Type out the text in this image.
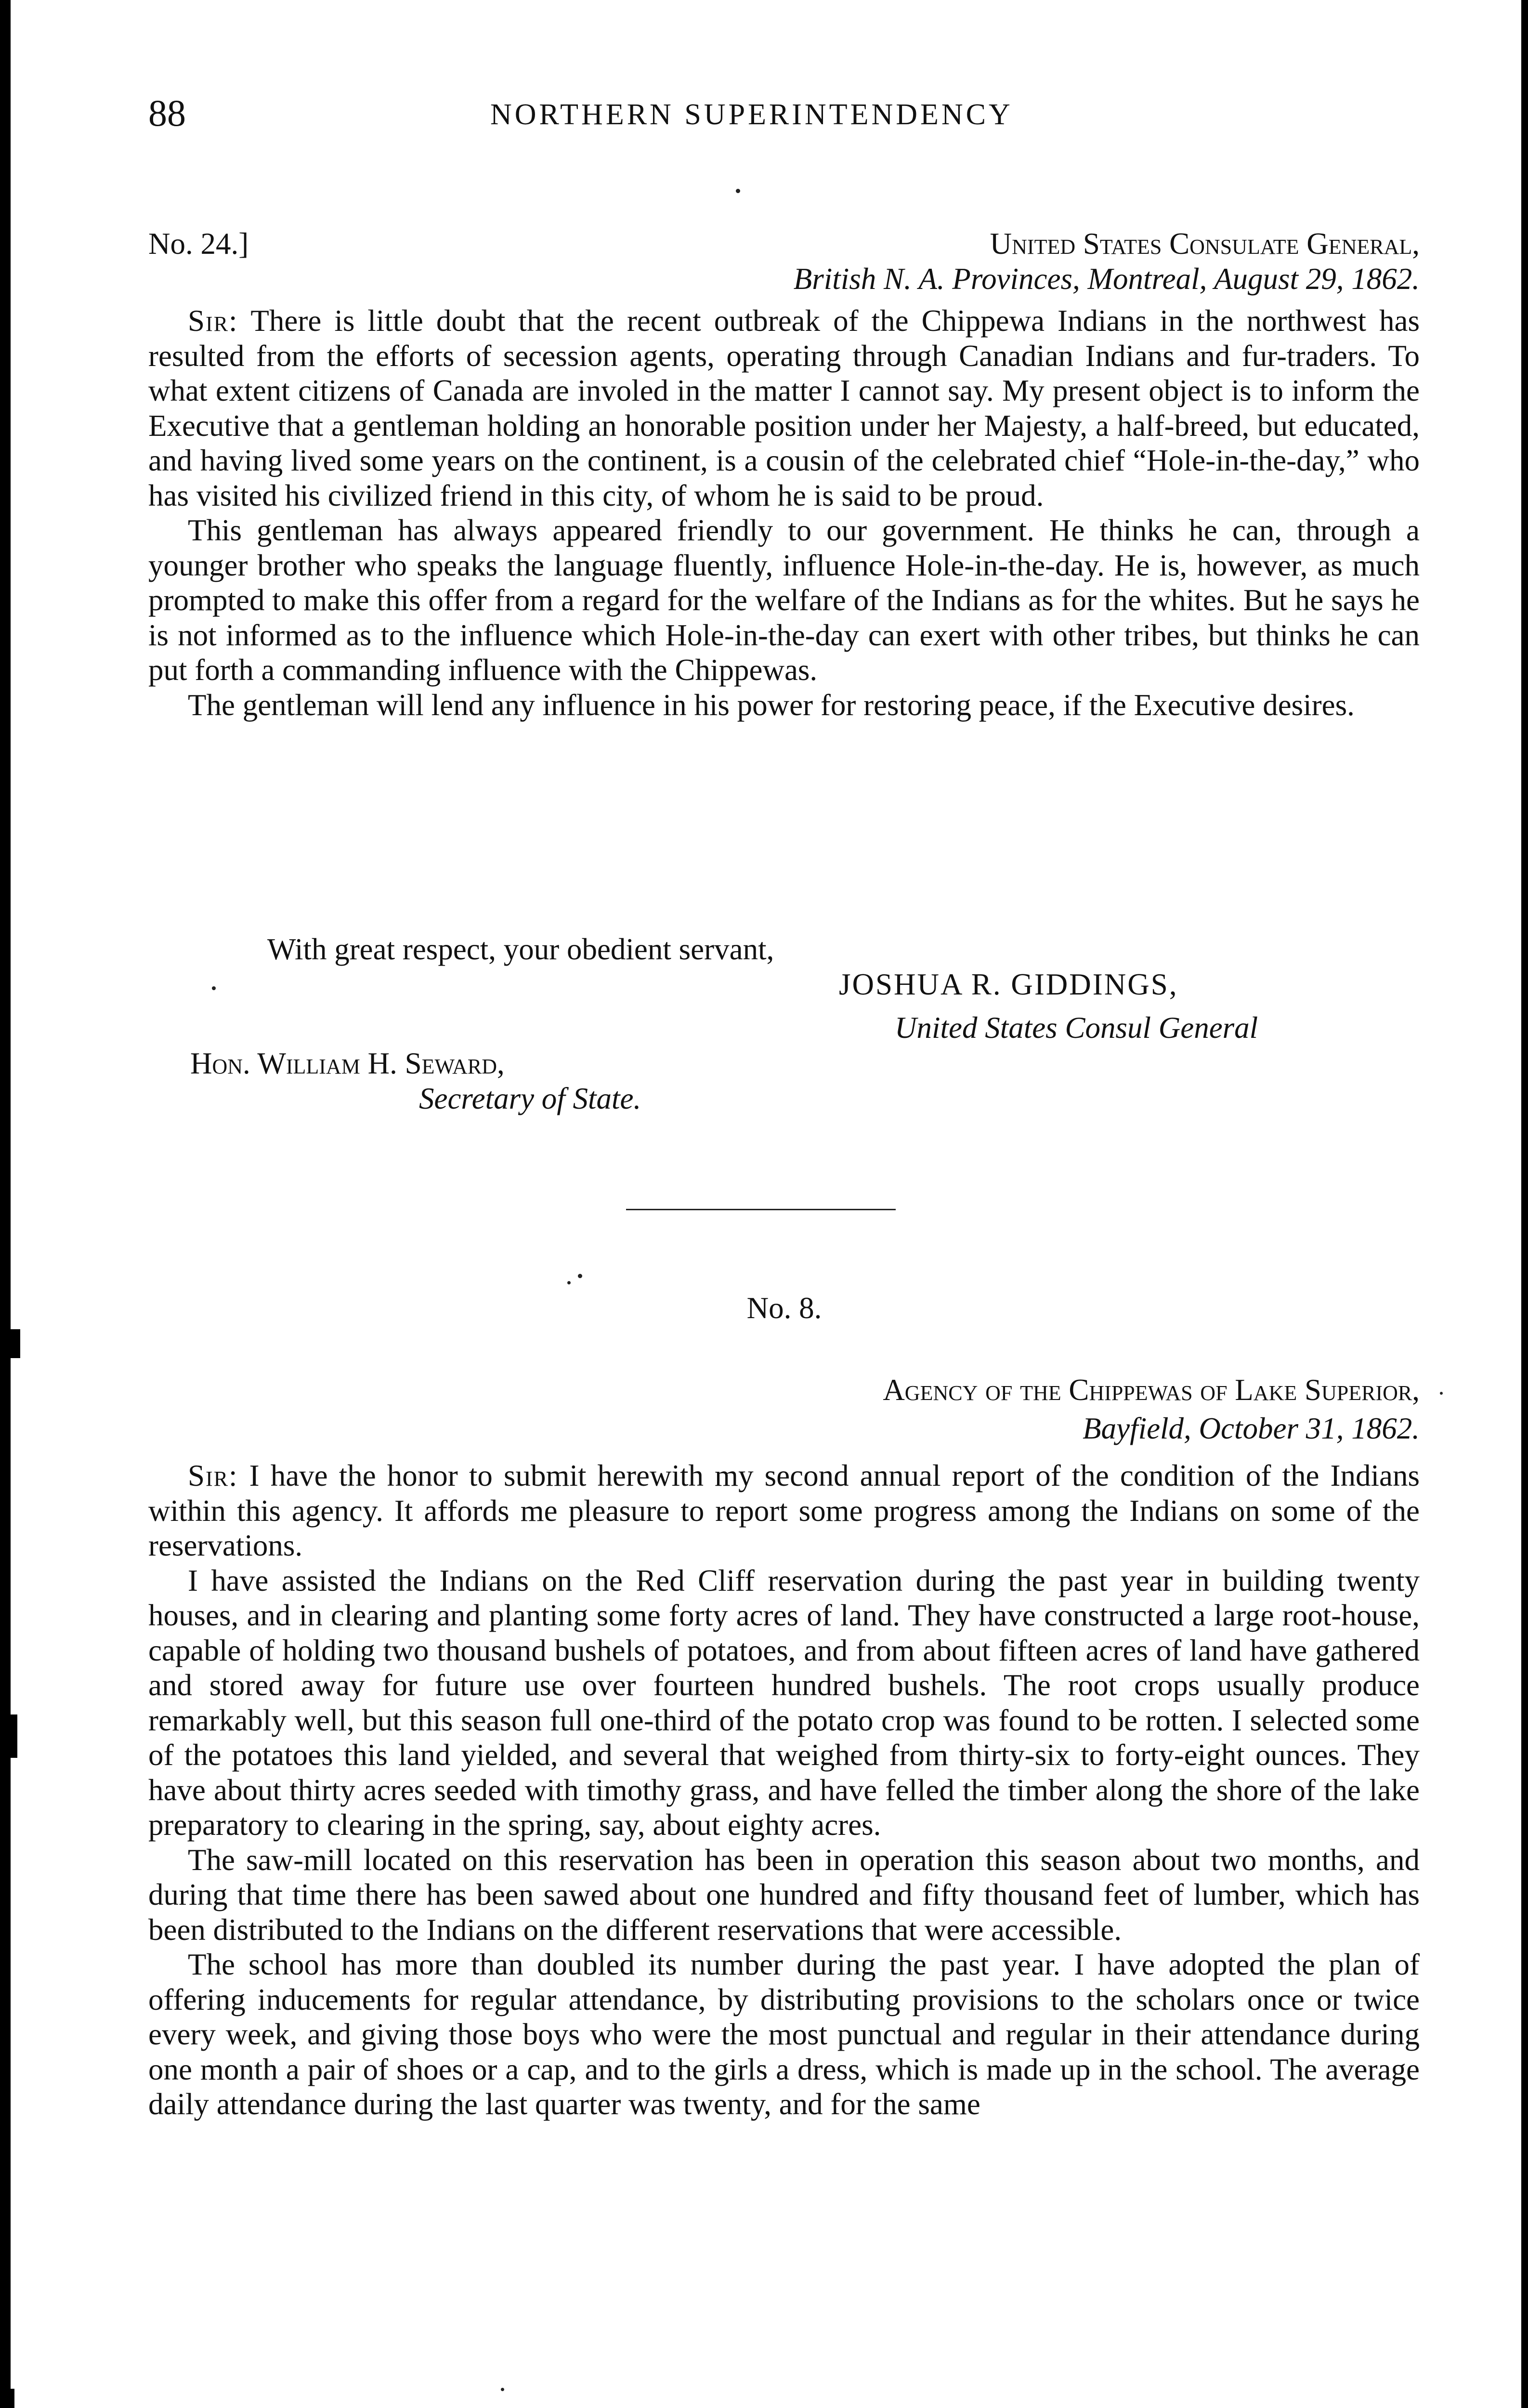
88	NORTHERN SUPERINTENDENCY
No. 24.]	United States Consulate General,
British N. A. Provinces, Montreal, August 29, 1862.

Sir: There is little doubt that the recent outbreak of the Chippewa Indians in the northwest has resulted from the efforts of secession agents, operating through Canadian Indians and fur-traders. To what extent citizens of Canada are involed in the matter I cannot say. My present object is to inform the Executive that a gentleman holding an honorable position under her Majesty, a half-breed, but educated, and having lived some years on the continent, is a cousin of the celebrated chief “Hole-in-the-day,” who has visited his civilized friend in this city, of whom he is said to be proud.

This gentleman has always appeared friendly to our government. He thinks he can, through a younger brother who speaks the language fluently, influence Hole-in-the-day. He is, however, as much prompted to make this offer from a regard for the welfare of the Indians as for the whites. But he says he is not informed as to the influence which Hole-in-the-day can exert with other tribes, but thinks he can put forth a commanding influence with the Chippewas.

The gentleman will lend any influence in his power for restoring peace, if the Executive desires.

With great respect, your obedient servant,
JOSHUA R. GIDDINGS,
United States Consul General
Hon. William H. Seward,
Secretary of State.
No. 8.
Agency of the Chippewas of Lake Superior,
Bayfield, October 31, 1862.

Sir: I have the honor to submit herewith my second annual report of the condition of the Indians within this agency. It affords me pleasure to report some progress among the Indians on some of the reservations.

I have assisted the Indians on the Red Cliff reservation during the past year in building twenty houses, and in clearing and planting some forty acres of land. They have constructed a large root-house, capable of holding two thousand bushels of potatoes, and from about fifteen acres of land have gathered and stored away for future use over fourteen hundred bushels. The root crops usually produce remarkably well, but this season full one-third of the potato crop was found to be rotten. I selected some of the potatoes this land yielded, and several that weighed from thirty-six to forty-eight ounces. They have about thirty acres seeded with timothy grass, and have felled the timber along the shore of the lake preparatory to clearing in the spring, say, about eighty acres.

The saw-mill located on this reservation has been in operation this season about two months, and during that time there has been sawed about one hundred and fifty thousand feet of lumber, which has been distributed to the Indians on the different reservations that were accessible.

The school has more than doubled its number during the past year. I have adopted the plan of offering inducements for regular attendance, by distributing provisions to the scholars once or twice every week, and giving those boys who were the most punctual and regular in their attendance during one month a pair of shoes or a cap, and to the girls a dress, which is made up in the school. The average daily attendance during the last quarter was twenty, and for the same
